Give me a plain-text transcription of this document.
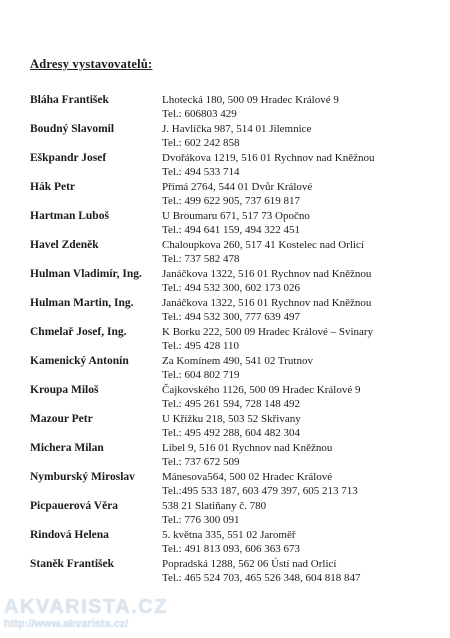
Adresy vystavovatelů:
Bláha František	Lhotecká 180, 500 09 Hradec Králové 9
Tel.: 606803 429
Boudný Slavomil	J. Havlíčka 987, 514 01 Jilemnice
Tel.: 602 242 858
Eškpandr Josef	Dvořákova 1219, 516 01 Rychnov nad Kněžnou
Tel.: 494 533 714
Hák Petr	Přímá 2764, 544 01 Dvůr Králové
Tel.: 499 622 905, 737 619 817
Hartman Luboš	U Broumaru 671, 517 73 Opočno
Tel.: 494 641 159, 494 322 451
Havel Zdeněk	Chaloupkova 260, 517 41 Kostelec nad Orlicí
Tel.: 737 582 478
Hulman Vladimír, Ing. Janáčkova 1322, 516 01 Rychnov nad Kněžnou
Tel.: 494 532 300, 602 173 026
Hulman Martin, Ing.	Janáčkova 1322, 516 01 Rychnov nad Kněžnou
Tel.: 494 532 300, 777 639 497
Chmelař Josef, Ing.	K Borku 222, 500 09 Hradec Králové – Svinary
Tel.: 495 428 110
Kamenický Antonín	Za Komínem 490, 541 02 Trutnov
Tel.: 604 802 719
Kroupa Miloš	Čajkovského 1126, 500 09 Hradec Králové 9
Tel.: 495 261 594, 728 148 492
Mazour Petr	U Křížku 218, 503 52 Skřivany
Tel.: 495 492 288, 604 482 304
Michera Milan	Libel 9, 516 01 Rychnov nad Kněžnou
Tel.: 737 672 509
Nymburský Miroslav Mánesova564, 500 02 Hradec Králové
Tel.:495 533 187, 603 479 397, 605 213 713
Picpauerová Věra	538 21 Slatiňany č. 780
Tel.: 776 300 091
Rindová Helena	5. května 335, 551 02 Jaroměř
Tel.: 491 813 093, 606 363 673
Staněk František	Popradská 1288, 562 06 Ústí nad Orlicí
Tel.: 465 524 703, 465 526 348, 604 818 847
AKVARISTA.CZ
http://www.akvarista.cz/
